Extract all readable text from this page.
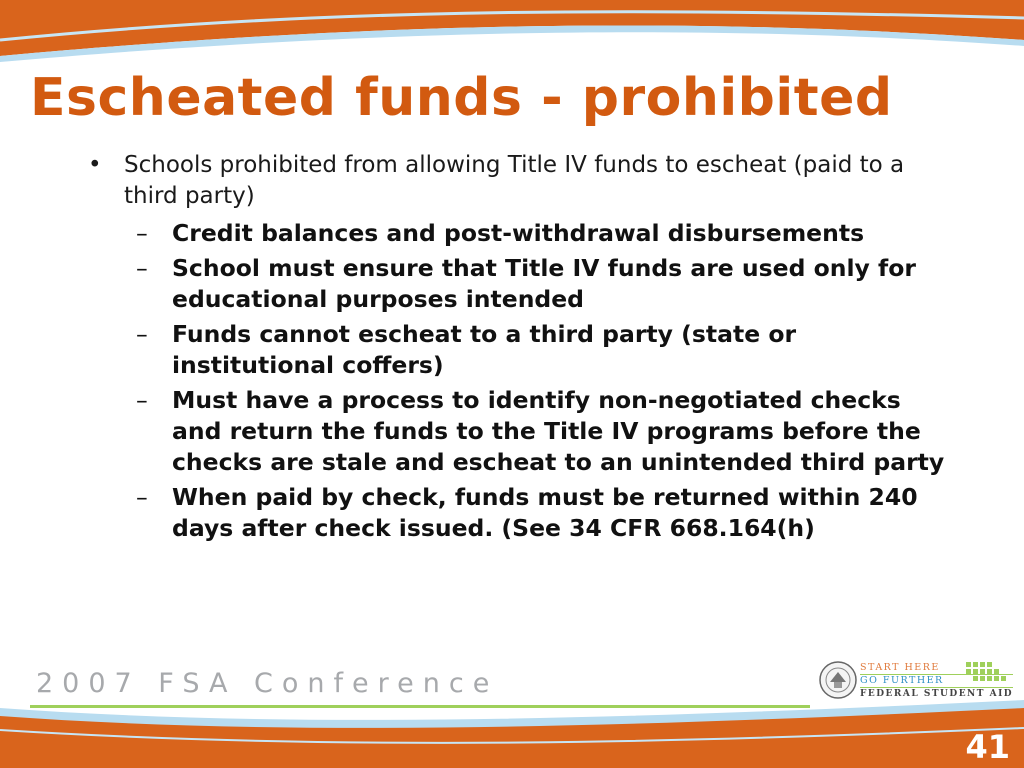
Escheated funds - prohibited
• Schools prohibited from allowing Title IV funds to escheat (paid to a third party)
– Credit balances and post-withdrawal disbursements
– School must ensure that Title IV funds are used only for educational purposes intended
– Funds cannot escheat to a third party (state or institutional coffers)
– Must have a process to identify non-negotiated checks and return the funds to the Title IV programs before the checks are stale and escheat to an unintended third party
– When paid by check, funds must be returned within 240 days after check issued. (See 34 CFR 668.164(h)
2007 FSA Conference
START HERE
GO FURTHER
FEDERAL STUDENT AID
41
